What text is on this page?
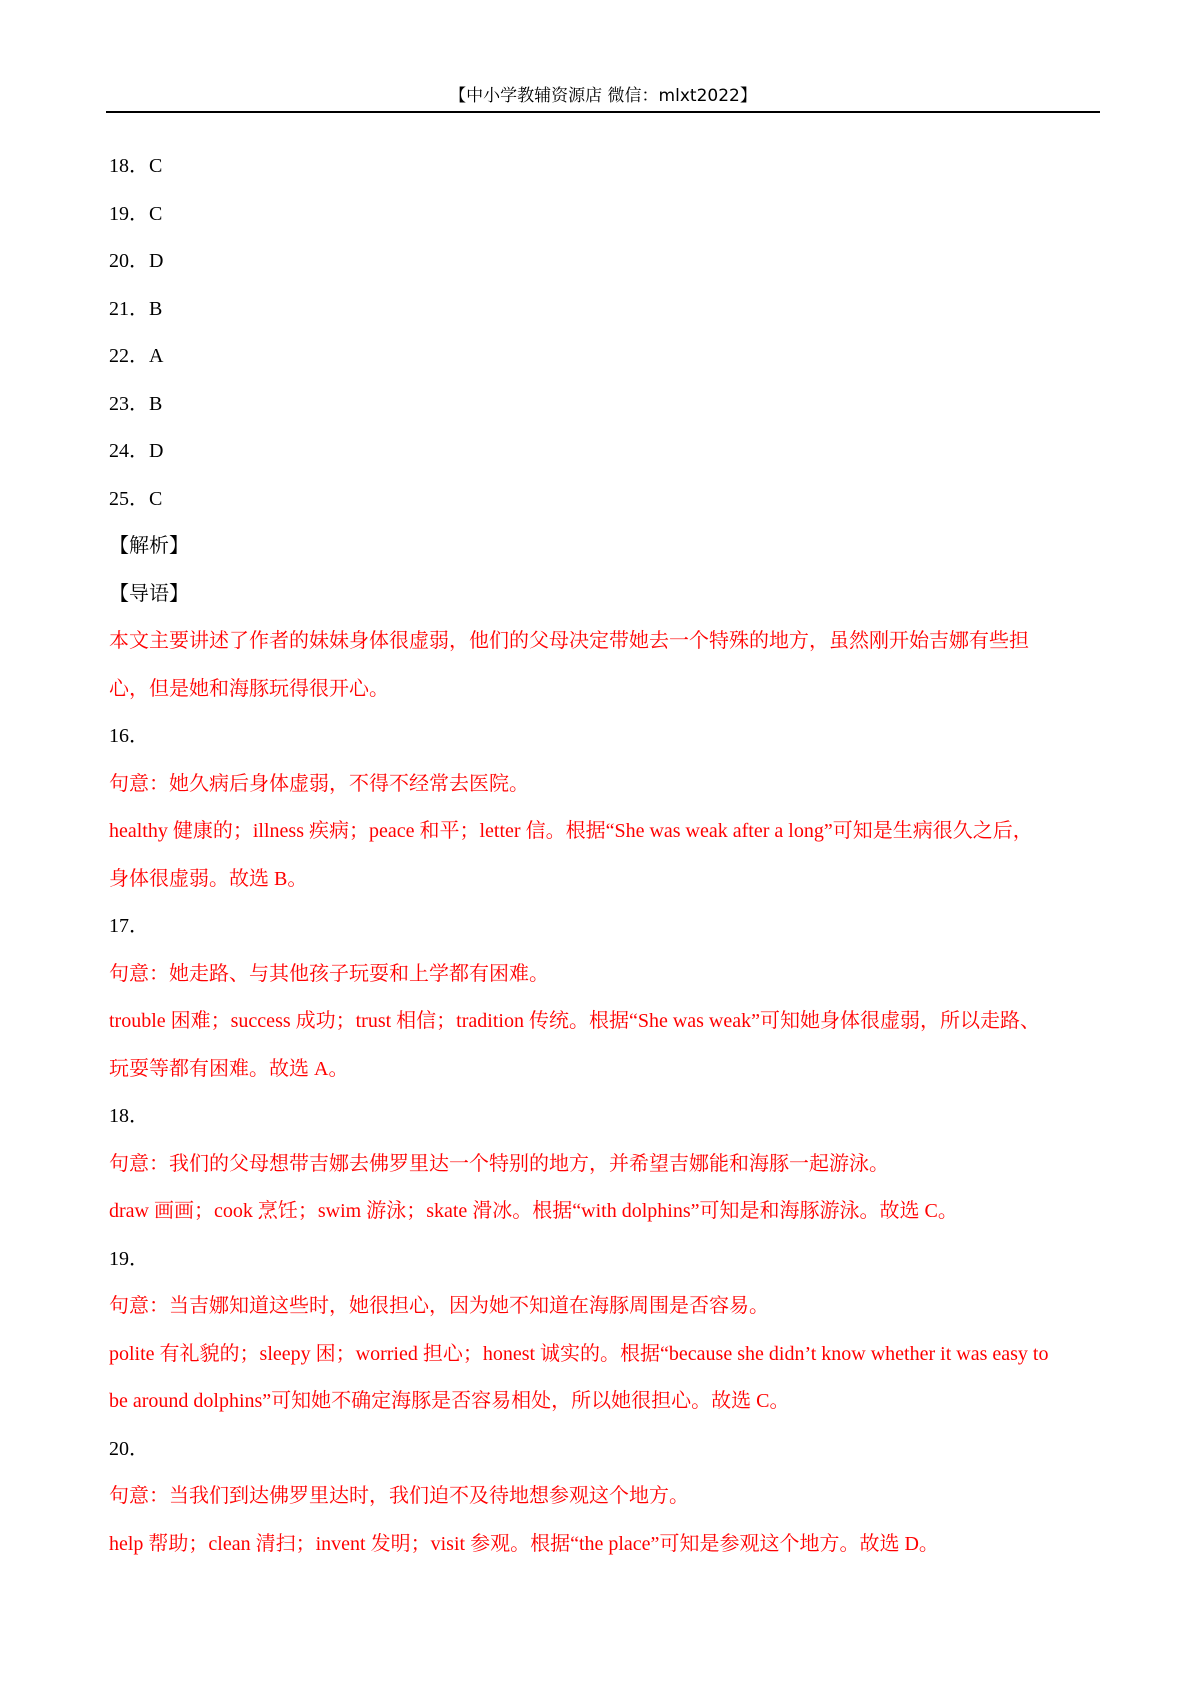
【中小学教辅资源店 微信：mlxt2022】
18．C
19．C
20．D
21．B
22．A
23．B
24．D
25．C
【解析】
【导语】
本文主要讲述了作者的妹妹身体很虚弱，他们的父母决定带她去一个特殊的地方，虽然刚开始吉娜有些担
心，但是她和海豚玩得很开心。
16．
句意：她久病后身体虚弱，不得不经常去医院。
healthy 健康的；illness 疾病；peace 和平；letter 信。根据“She was weak after a long”可知是生病很久之后，
身体很虚弱。故选 B。
17．
句意：她走路、与其他孩子玩耍和上学都有困难。
trouble 困难；success 成功；trust 相信；tradition 传统。根据“She was weak”可知她身体很虚弱，所以走路、
玩耍等都有困难。故选 A。
18．
句意：我们的父母想带吉娜去佛罗里达一个特别的地方，并希望吉娜能和海豚一起游泳。
draw 画画；cook 烹饪；swim 游泳；skate 滑冰。根据“with dolphins”可知是和海豚游泳。故选 C。
19．
句意：当吉娜知道这些时，她很担心，因为她不知道在海豚周围是否容易。
polite 有礼貌的；sleepy 困；worried 担心；honest 诚实的。根据“because she didn’t know whether it was easy to
be around dolphins”可知她不确定海豚是否容易相处，所以她很担心。故选 C。
20．
句意：当我们到达佛罗里达时，我们迫不及待地想参观这个地方。
help 帮助；clean 清扫；invent 发明；visit 参观。根据“the place”可知是参观这个地方。故选 D。
